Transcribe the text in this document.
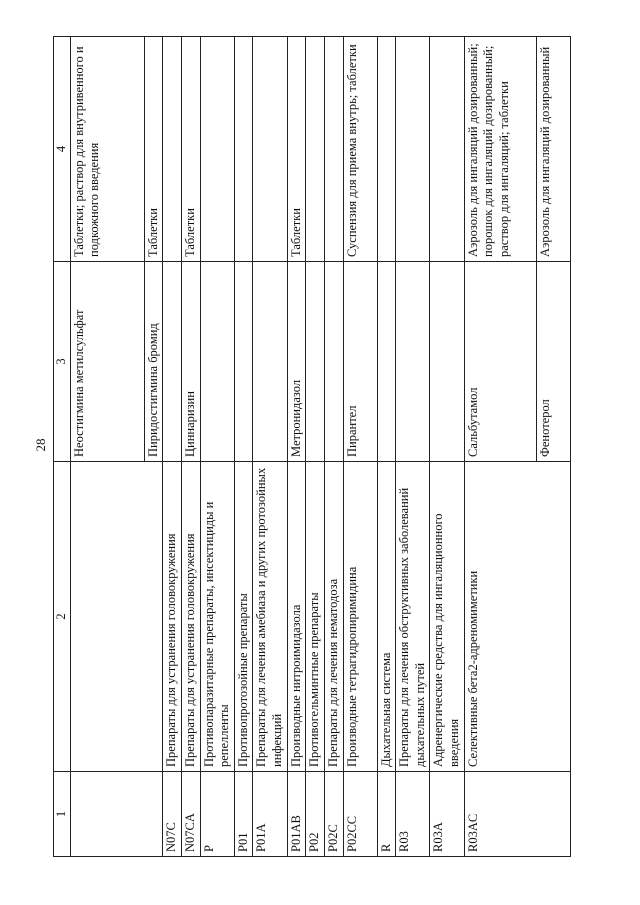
28
1	2	3	4
		Неостигмина метилсульфат	Таблетки; раствор для внутривенного и подкожного введения
		Пиридостигмина бромид	Таблетки
N07C	Препараты для устранения головокружения		
N07CA	Препараты для устранения головокружения	Циннаризин	Таблетки
P	Противопаразитарные препараты, инсектициды и репелленты		
P01	Противопротозойные препараты		
P01A	Препараты для лечения амебиаза и других протозойных инфекций		
P01AB	Производные нитроимидазола	Метронидазол	Таблетки
P02	Противогельминтные препараты		
P02C	Препараты для лечения нематодоза		
P02CC	Производные тетрагидропиримидина	Пирантел	Суспензия для приема внутрь; таблетки
R	Дыхательная система		
R03	Препараты для лечения обструктивных заболеваний дыхательных путей		
R03A	Адренергические средства для ингаляционного введения		
R03AC	Селективные бета2-адреномиметики	Сальбутамол	Аэрозоль для ингаляций дозированный; порошок для ингаляций дозированный; раствор для ингаляций; таблетки
		Фенотерол	Аэрозоль для ингаляций дозированный
